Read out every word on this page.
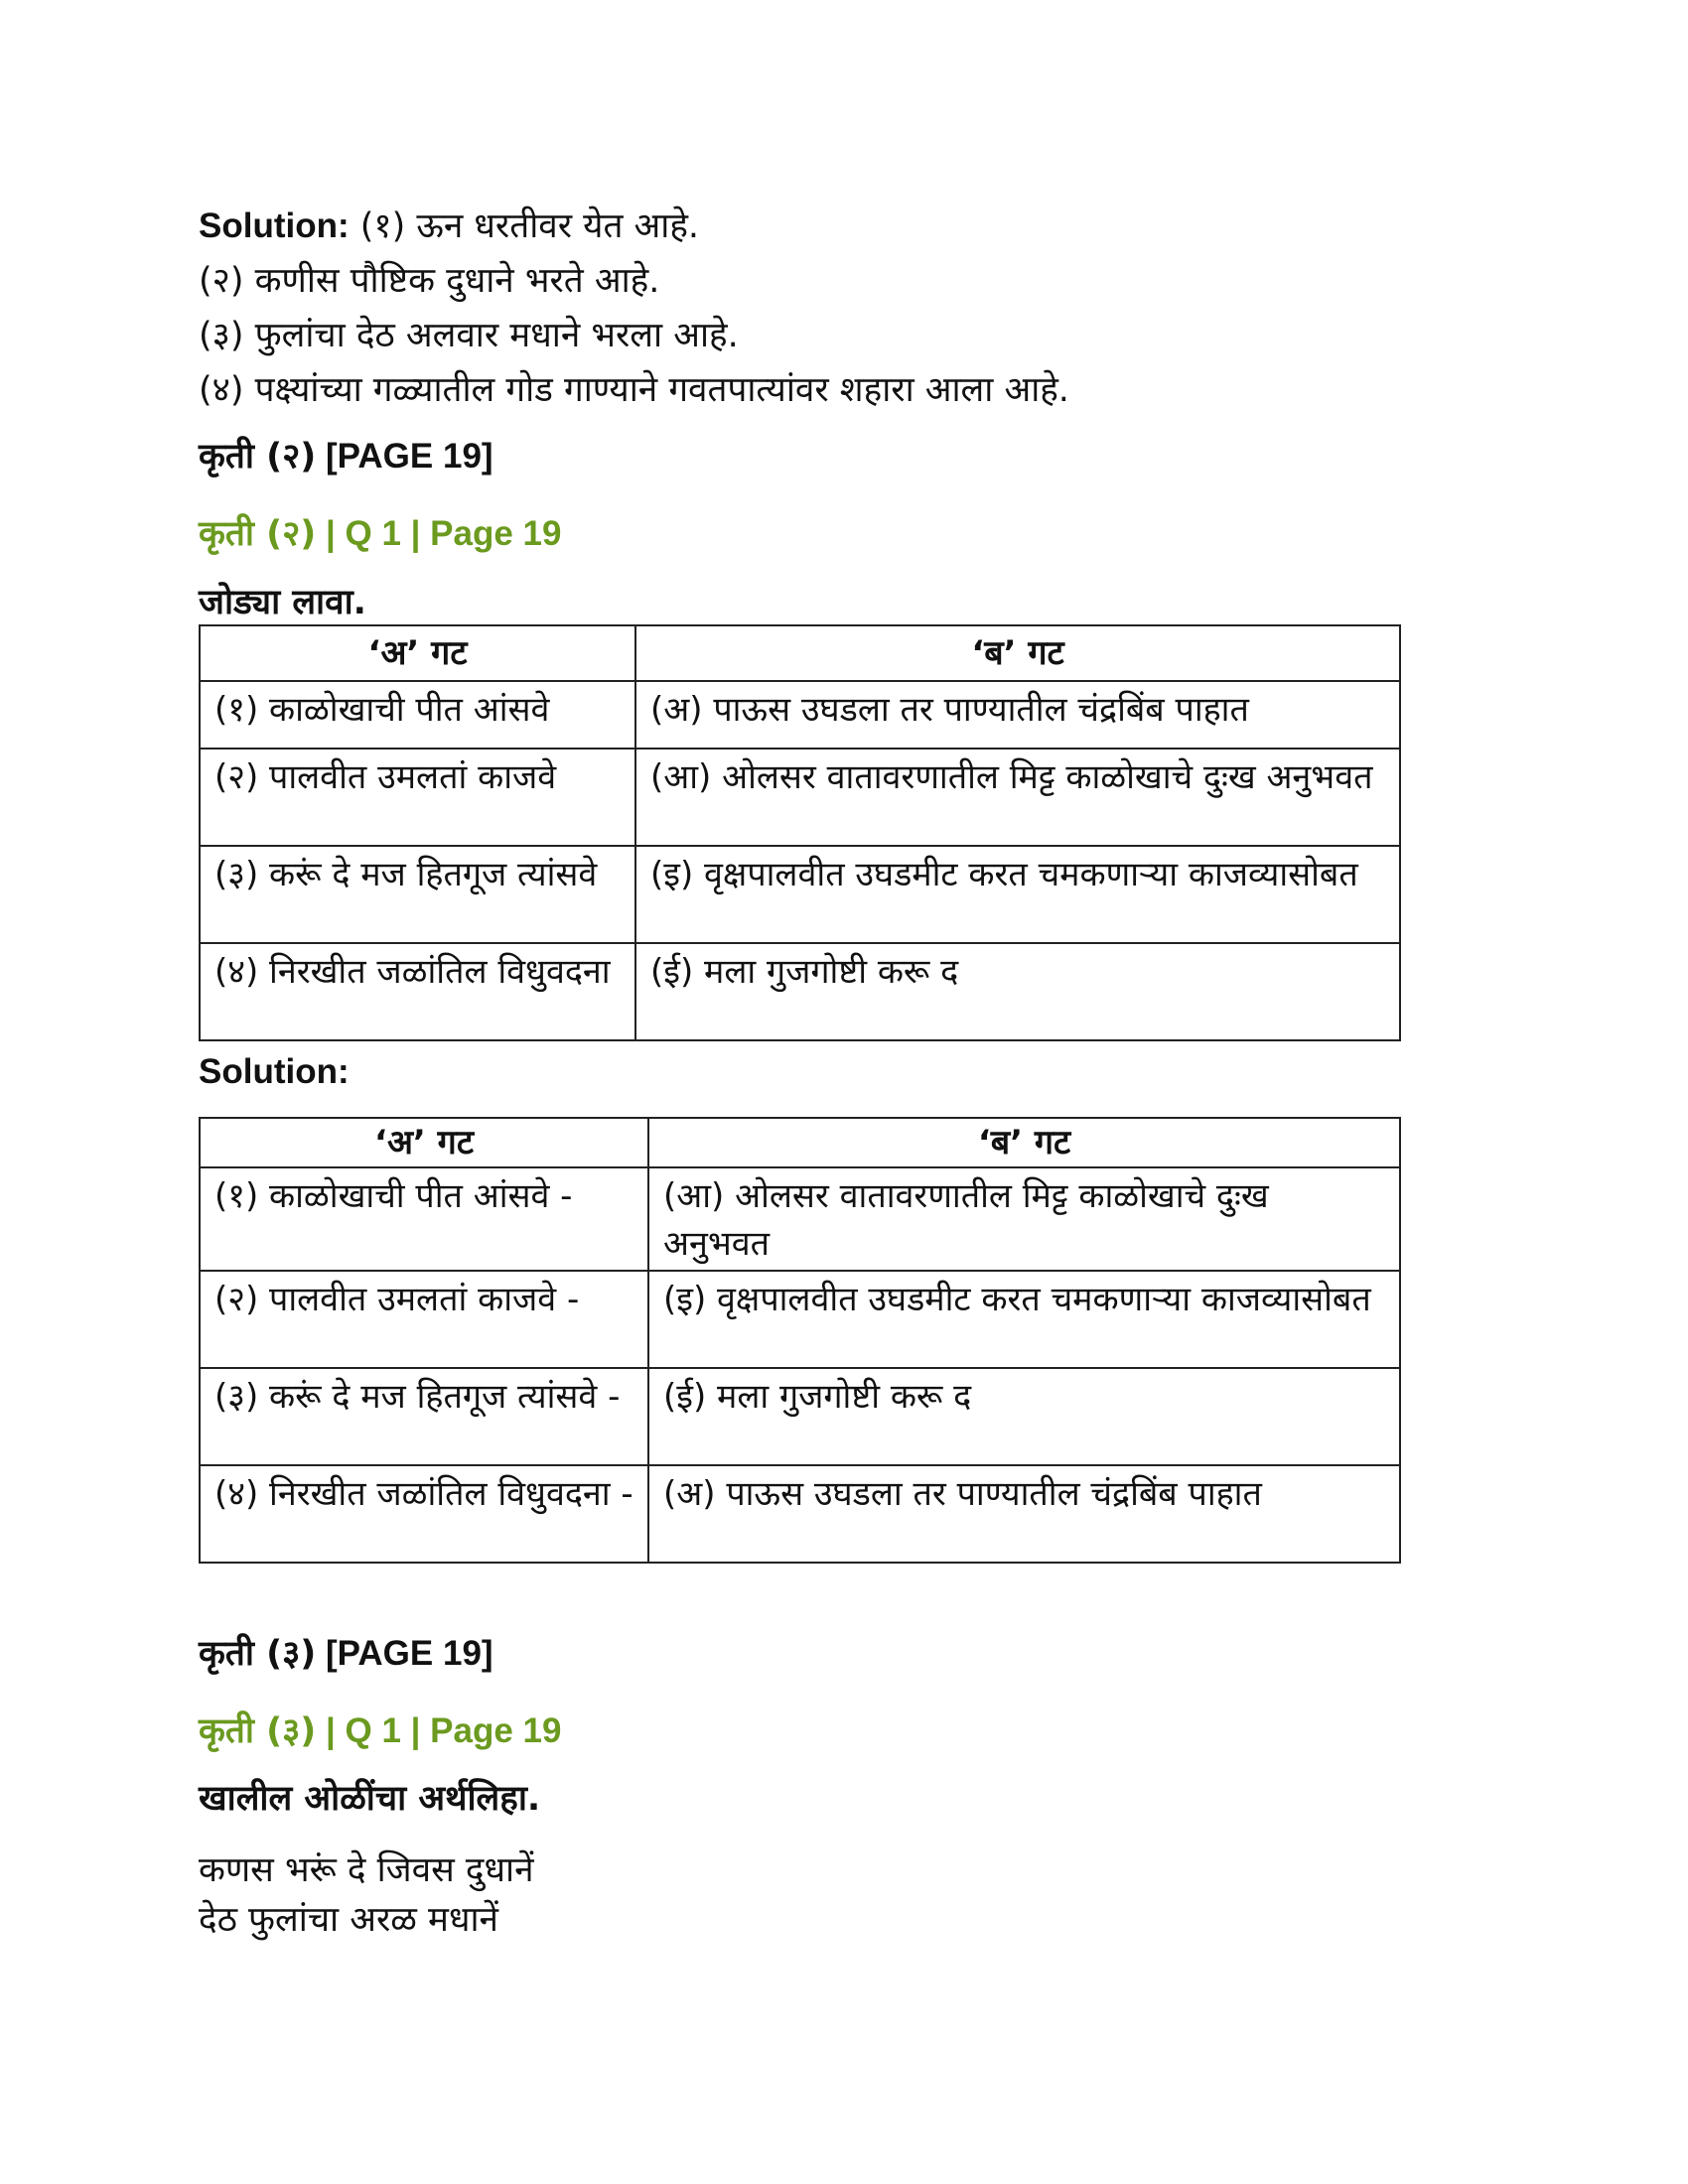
Solution: (१) ऊन धरतीवर येत आहे.
(२) कणीस पौष्टिक दुधाने भरते आहे.
(३) फुलांचा देठ अलवार मधाने भरला आहे.
(४) पक्ष्यांच्या गळ्यातील गोड गाण्याने गवतपात्यांवर शहारा आला आहे.
कृती (२) [PAGE 19]
कृती (२) | Q 1 | Page 19
जोड्या लावा.
‘अ’ गट	‘ब’ गट
(१) काळोखाची पीत आंसवे	(अ) पाऊस उघडला तर पाण्यातील चंद्रबिंब पाहात
(२) पालवीत उमलतां काजवे	(आ) ओलसर वातावरणातील मिट्ट काळोखाचे दुःख अनुभवत
(३) करूं दे मज हितगूज त्यांसवे	(इ) वृक्षपालवीत उघडमीट करत चमकणाऱ्या काजव्यासोबत
(४) निरखीत जळांतिल विधुवदना	(ई) मला गुजगोष्टी करू द
Solution:
‘अ’ गट	‘ब’ गट
(१) काळोखाची पीत आंसवे -	(आ) ओलसर वातावरणातील मिट्ट काळोखाचे दुःख अनुभवत
(२) पालवीत उमलतां काजवे -	(इ) वृक्षपालवीत उघडमीट करत चमकणाऱ्या काजव्यासोबत
(३) करूं दे मज हितगूज त्यांसवे -	(ई) मला गुजगोष्टी करू द
(४) निरखीत जळांतिल विधुवदना -	(अ) पाऊस उघडला तर पाण्यातील चंद्रबिंब पाहात
कृती (३) [PAGE 19]
कृती (३) | Q 1 | Page 19
खालील ओळींचा अर्थलिहा.
कणस भरूं दे जिवस दुधानें
देठ फुलांचा अरळ मधानें
